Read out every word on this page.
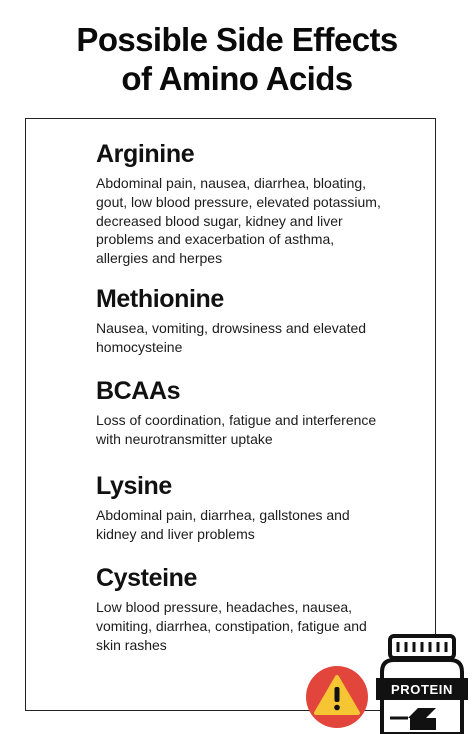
Possible Side Effects
of Amino Acids
Arginine
Abdominal pain, nausea, diarrhea, bloating, gout, low blood pressure, elevated potassium, decreased blood sugar, kidney and liver problems and exacerbation of asthma, allergies and herpes
Methionine
Nausea, vomiting, drowsiness and elevated homocysteine
BCAAs
Loss of coordination, fatigue and interference with neurotransmitter uptake
Lysine
Abdominal pain, diarrhea, gallstones and kidney and liver problems
Cysteine
Low blood pressure, headaches, nausea, vomiting, diarrhea, constipation, fatigue and skin rashes
PROTEIN
